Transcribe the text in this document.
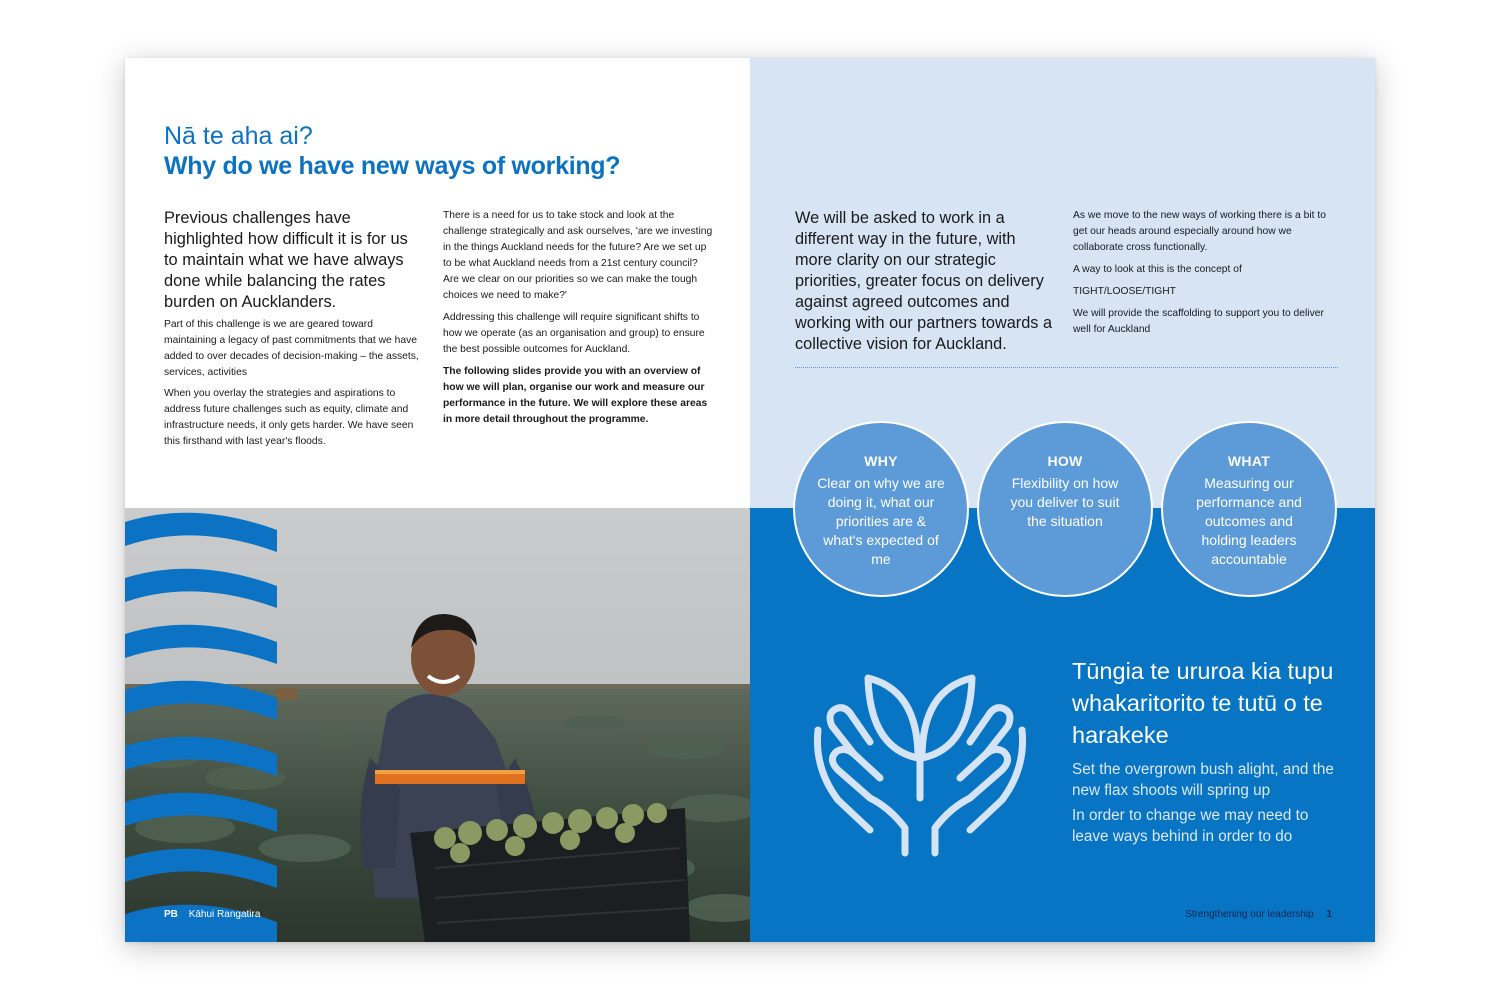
Nā te aha ai?
Why do we have new ways of working?

Previous challenges have highlighted how difficult it is for us to maintain what we have always done while balancing the rates burden on Aucklanders.

Part of this challenge is we are geared toward maintaining a legacy of past commitments that we have added to over decades of decision-making – the assets, services, activities

When you overlay the strategies and aspirations to address future challenges such as equity, climate and infrastructure needs, it only gets harder. We have seen this firsthand with last year's floods.

There is a need for us to take stock and look at the challenge strategically and ask ourselves, 'are we investing in the things Auckland needs for the future? Are we set up to be what Auckland needs from a 21st century council? Are we clear on our priorities so we can make the tough choices we need to make?'

Addressing this challenge will require significant shifts to how we operate (as an organisation and group) to ensure the best possible outcomes for Auckland.

The following slides provide you with an overview of how we will plan, organise our work and measure our performance in the future. We will explore these areas in more detail throughout the programme.

PB Kāhui Rangatira

We will be asked to work in a different way in the future, with more clarity on our strategic priorities, greater focus on delivery against agreed outcomes and working with our partners towards a collective vision for Auckland.

As we move to the new ways of working there is a bit to get our heads around especially around how we collaborate cross functionally.

A way to look at this is the concept of

TIGHT/LOOSE/TIGHT

We will provide the scaffolding to support you to deliver well for Auckland

WHY
Clear on why we are doing it, what our priorities are & what's expected of me
HOW
Flexibility on how you deliver to suit the situation
WHAT
Measuring our performance and outcomes and holding leaders accountable
Tūngia te ururoa kia tupu whakaritorito te tutū o te harakeke

Set the overgrown bush alight, and the new flax shoots will spring up

In order to change we may need to leave ways behind in order to do

Strengthening our leadership 1
